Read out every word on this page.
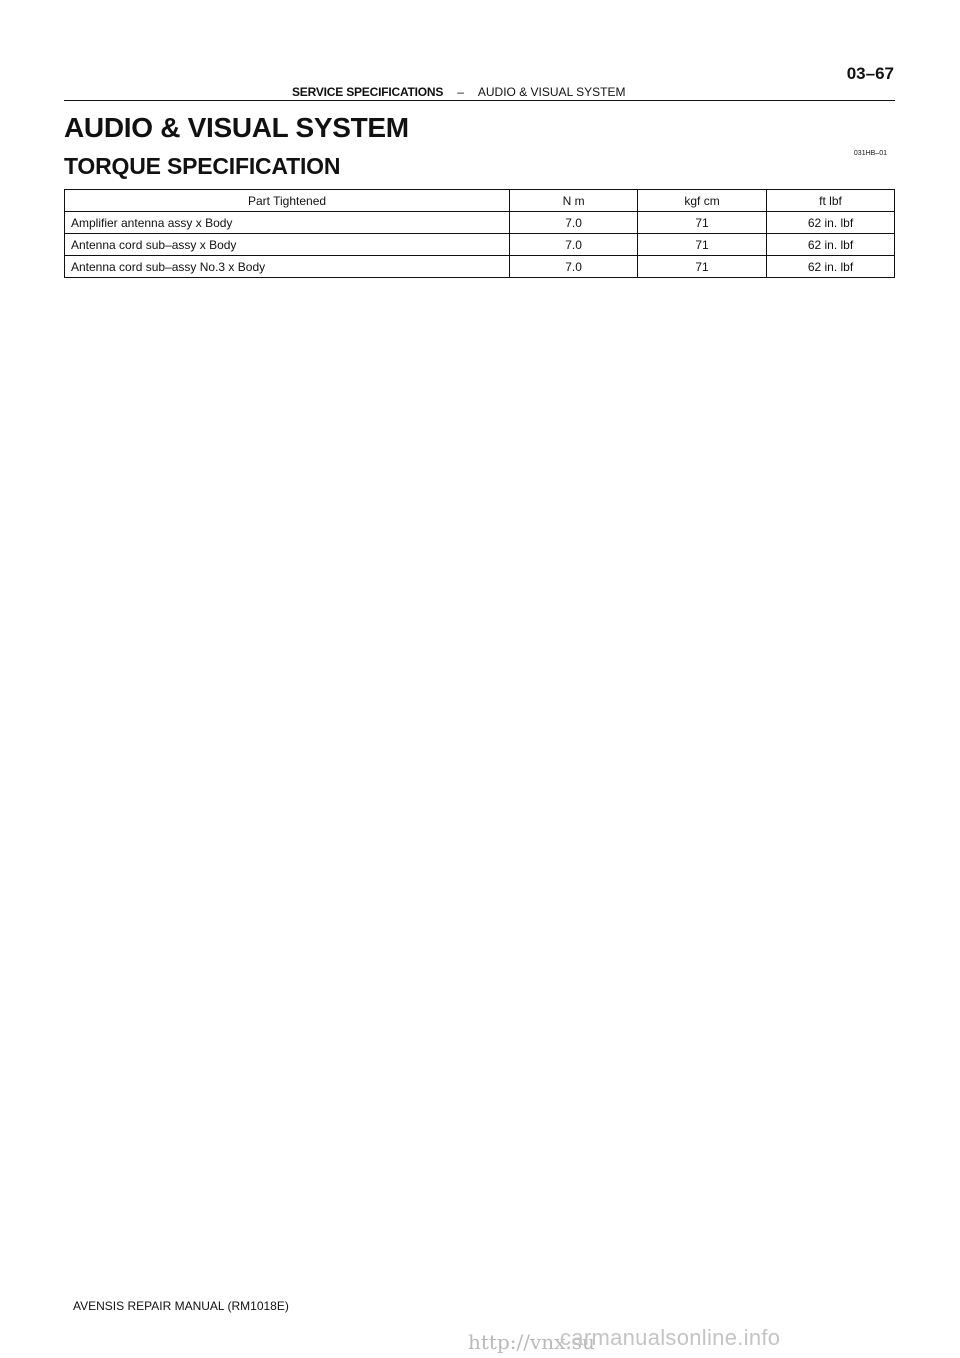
03–67
SERVICE SPECIFICATIONS – AUDIO & VISUAL SYSTEM
AUDIO & VISUAL SYSTEM
TORQUE SPECIFICATION	031HB–01
Part Tightened	N m	kgf cm	ft lbf
Amplifier antenna assy x Body	7.0	71	62 in. lbf
Antenna cord sub–assy x Body	7.0	71	62 in. lbf
Antenna cord sub–assy No.3 x Body	7.0	71	62 in. lbf
AVENSIS REPAIR MANUAL (RM1018E)
http://vnx.su
carmanualsonline.info
